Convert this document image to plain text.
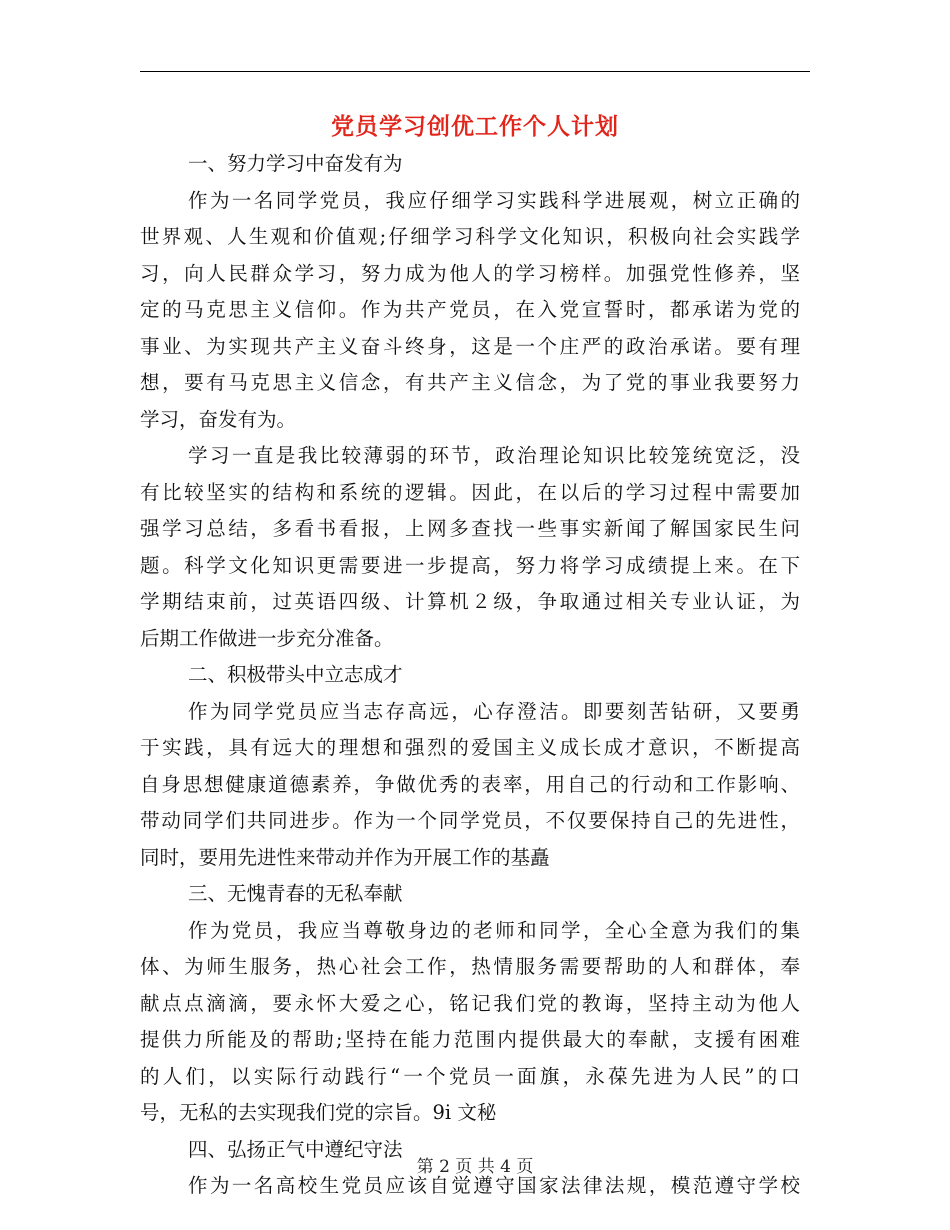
党员学习创优工作个人计划
一、努力学习中奋发有为
作为一名同学党员，我应仔细学习实践科学进展观，树立正确的
世界观、人生观和价值观;仔细学习科学文化知识，积极向社会实践学
习，向人民群众学习，努力成为他人的学习榜样。加强党性修养，坚
定的马克思主义信仰。作为共产党员，在入党宣誓时，都承诺为党的
事业、为实现共产主义奋斗终身，这是一个庄严的政治承诺。要有理
想，要有马克思主义信念，有共产主义信念，为了党的事业我要努力
学习，奋发有为。
学习一直是我比较薄弱的环节，政治理论知识比较笼统宽泛，没
有比较坚实的结构和系统的逻辑。因此，在以后的学习过程中需要加
强学习总结，多看书看报，上网多查找一些事实新闻了解国家民生问
题。科学文化知识更需要进一步提高，努力将学习成绩提上来。在下
学期结束前，过英语四级、计算机２级，争取通过相关专业认证，为
后期工作做进一步充分准备。
二、积极带头中立志成才
作为同学党员应当志存高远，心存澄洁。即要刻苦钻研，又要勇
于实践，具有远大的理想和强烈的爱国主义成长成才意识，不断提高
自身思想健康道德素养，争做优秀的表率，用自己的行动和工作影响、
带动同学们共同进步。作为一个同学党员，不仅要保持自己的先进性，
同时，要用先进性来带动并作为开展工作的基矗
三、无愧青春的无私奉献
作为党员，我应当尊敬身边的老师和同学，全心全意为我们的集
体、为师生服务，热心社会工作，热情服务需要帮助的人和群体，奉
献点点滴滴，要永怀大爱之心，铭记我们党的教诲，坚持主动为他人
提供力所能及的帮助;坚持在能力范围内提供最大的奉献，支援有困难
的人们，以实际行动践行“一个党员一面旗，永葆先进为人民”的口
号，无私的去实现我们党的宗旨。9i 文秘
四、弘扬正气中遵纪守法
作为一名高校生党员应该自觉遵守国家法律法规，模范遵守学校
第 2 页 共 4 页
